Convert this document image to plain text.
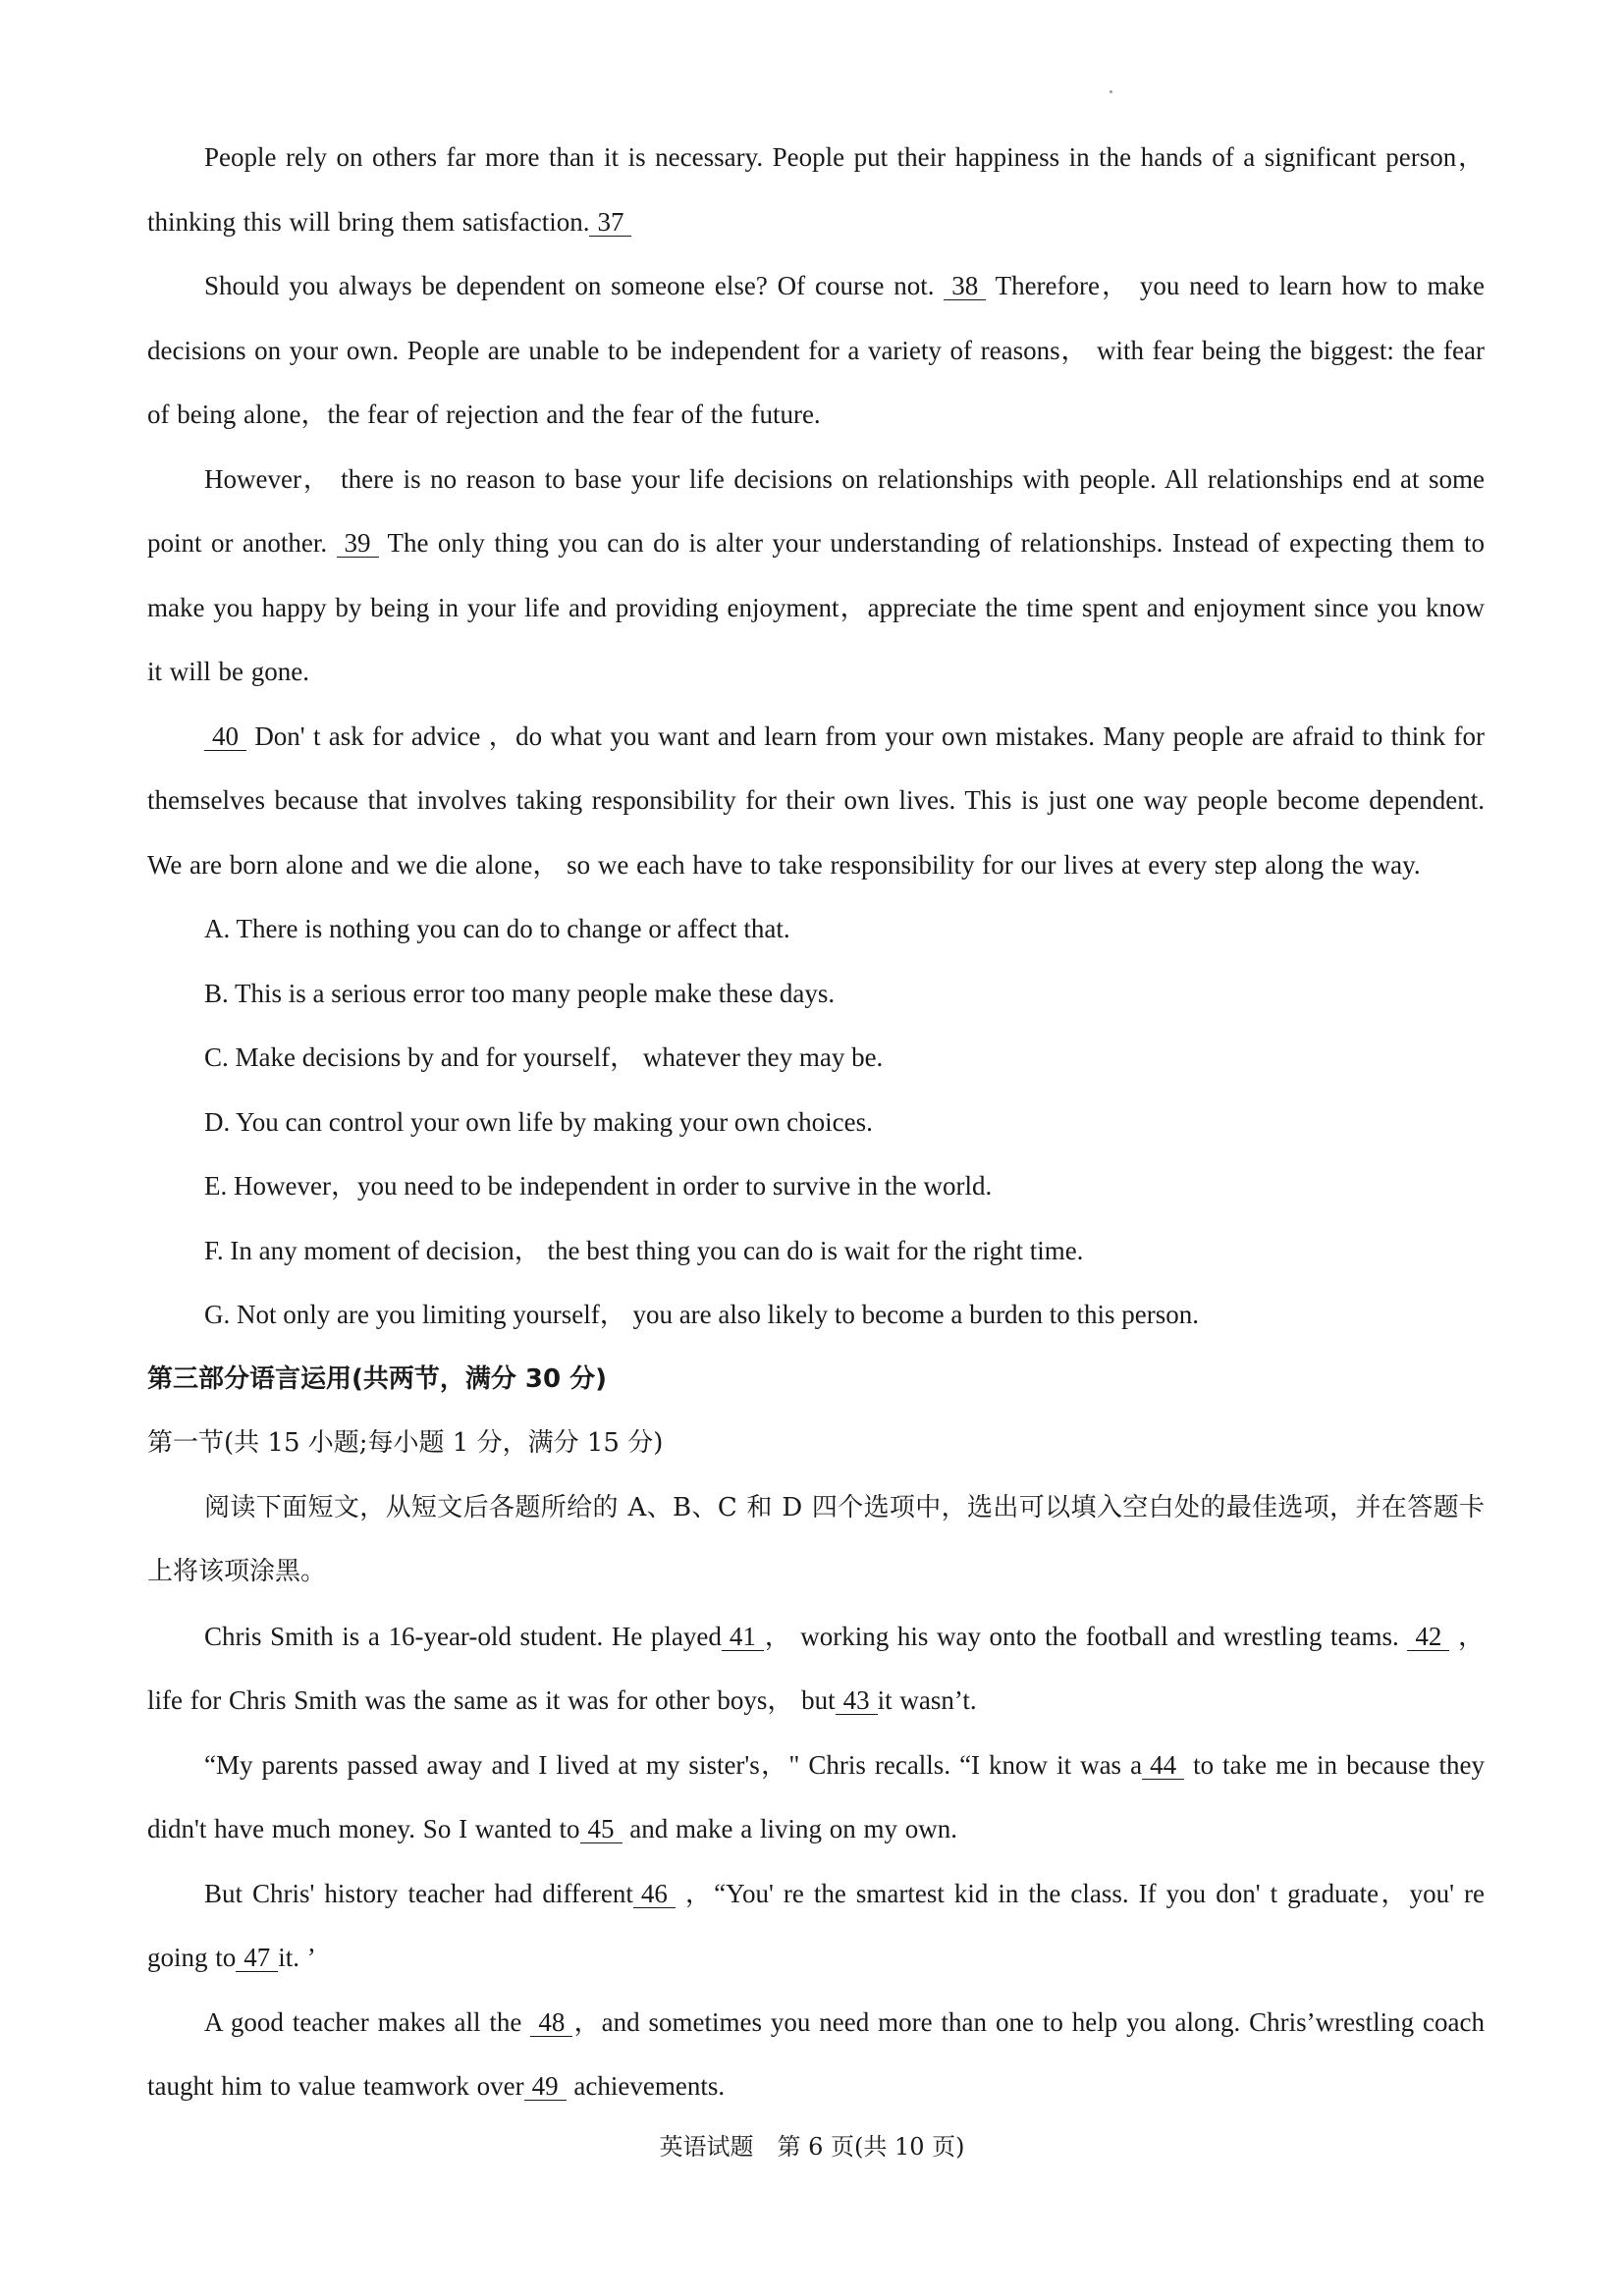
People rely on others far more than it is necessary. People put their happiness in the hands of a significant person，thinking this will bring them satisfaction. 37

Should you always be dependent on someone else? Of course not. 38 Therefore， you need to learn how to make decisions on your own. People are unable to be independent for a variety of reasons， with fear being the biggest: the fear of being alone，the fear of rejection and the fear of the future.

However， there is no reason to base your life decisions on relationships with people. All relationships end at some point or another. 39 The only thing you can do is alter your understanding of relationships. Instead of expecting them to make you happy by being in your life and providing enjoyment，appreciate the time spent and enjoyment since you know it will be gone.

40 Don' t ask for advice ，do what you want and learn from your own mistakes. Many people are afraid to think for themselves because that involves taking responsibility for their own lives. This is just one way people become dependent. We are born alone and we die alone， so we each have to take responsibility for our lives at every step along the way.

A. There is nothing you can do to change or affect that.

B. This is a serious error too many people make these days.

C. Make decisions by and for yourself， whatever they may be.

D. You can control your own life by making your own choices.

E. However，you need to be independent in order to survive in the world.

F. In any moment of decision， the best thing you can do is wait for the right time.

G. Not only are you limiting yourself， you are also likely to become a burden to this person.

第三部分语言运用(共两节，满分 30 分)

第一节(共 15 小题;每小题 1 分，满分 15 分)

阅读下面短文，从短文后各题所给的 A、B、C 和 D 四个选项中，选出可以填入空白处的最佳选项，并在答题卡上将该项涂黑。

Chris Smith is a 16-year-old student. He played 41 ， working his way onto the football and wrestling teams. 42 ，life for Chris Smith was the same as it was for other boys， but 43 it wasn’t.

“My parents passed away and I lived at my sister's，" Chris recalls. “I know it was a 44 to take me in because they didn't have much money. So I wanted to 45 and make a living on my own.

But Chris' history teacher had different 46 ，“You' re the smartest kid in the class. If you don' t graduate，you' re going to 47 it. ’

A good teacher makes all the 48 ，and sometimes you need more than one to help you along. Chris’wrestling coach taught him to value teamwork over 49 achievements.

英语试题　第 6 页(共 10 页)
